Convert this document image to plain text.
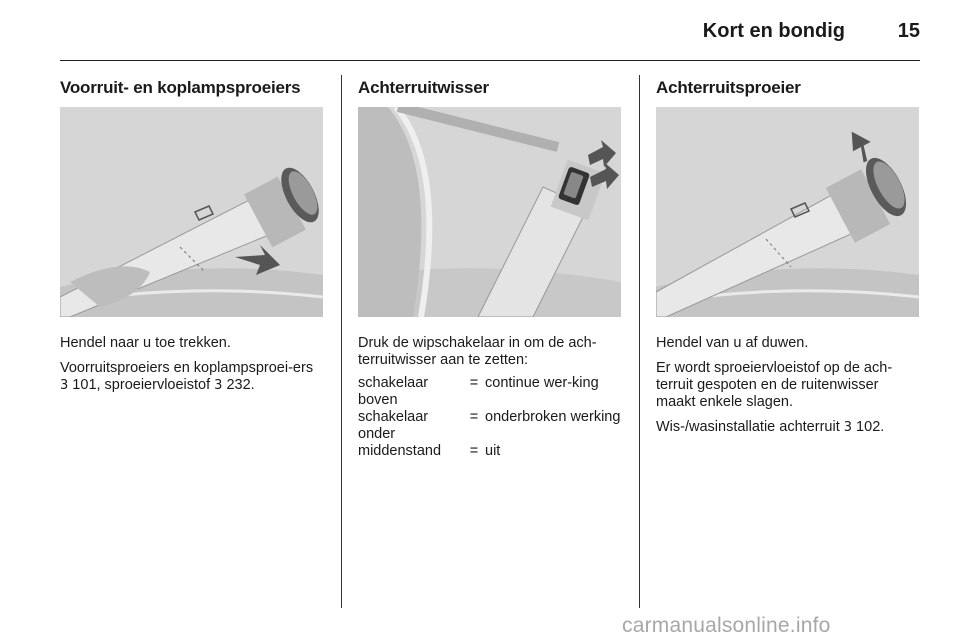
Kort en bondig	15
Voorruit- en koplampsproeiers

Hendel naar u toe trekken.

Voorruitsproeiers en koplampsproei-ers 3 101, sproeiervloeistof 3 232.

Achterruitwisser

Druk de wipschakelaar in om de ach-terruitwisser aan te zetten:

schakelaar boven	=	continue wer-king
schakelaar onder	=	onderbroken werking
middenstand	=	uit
Achterruitsproeier

Hendel van u af duwen.

Er wordt sproeiervloeistof op de ach-terruit gespoten en de ruitenwisser maakt enkele slagen.

Wis-/wasinstallatie achterruit 3 102.

carmanualsonline.info
